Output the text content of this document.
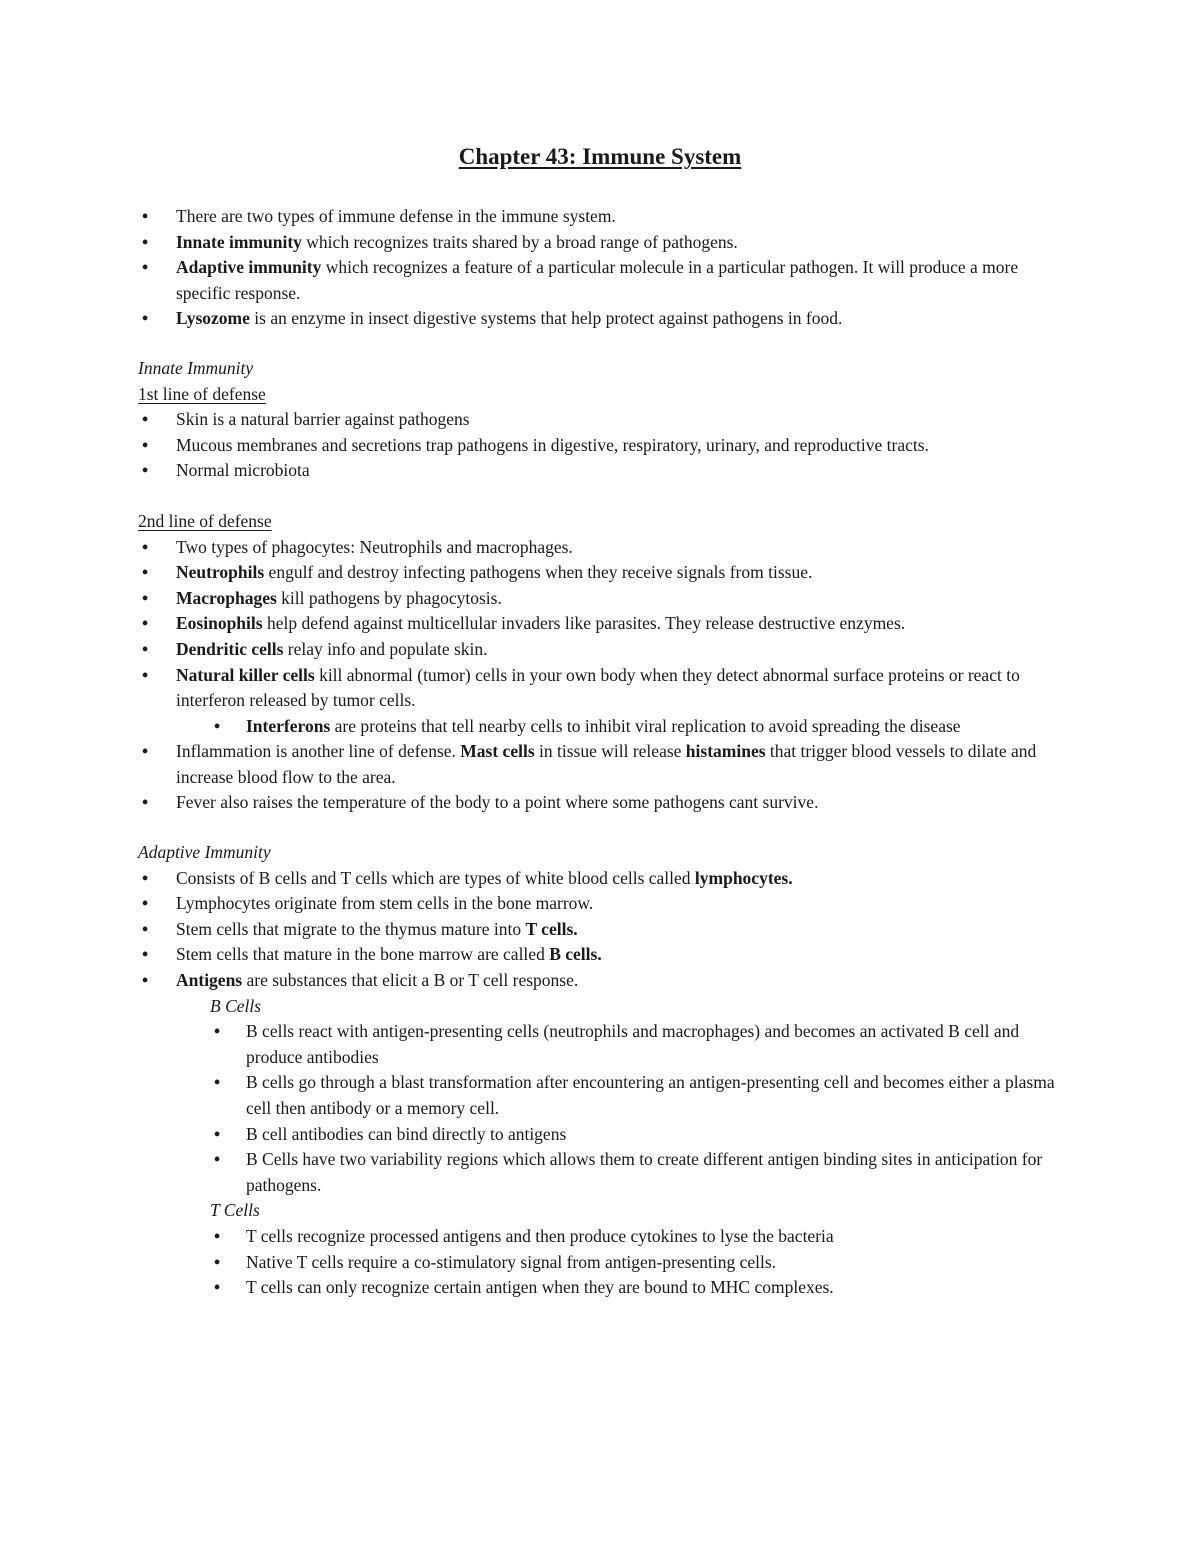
Chapter 43: Immune System
• There are two types of immune defense in the immune system.
• Innate immunity which recognizes traits shared by a broad range of pathogens.
• Adaptive immunity which recognizes a feature of a particular molecule in a particular pathogen. It will produce a more specific response.
• Lysozome is an enzyme in insect digestive systems that help protect against pathogens in food.
Innate Immunity
1st line of defense
• Skin is a natural barrier against pathogens
• Mucous membranes and secretions trap pathogens in digestive, respiratory, urinary, and reproductive tracts.
• Normal microbiota
2nd line of defense
• Two types of phagocytes: Neutrophils and macrophages.
• Neutrophils engulf and destroy infecting pathogens when they receive signals from tissue.
• Macrophages kill pathogens by phagocytosis.
• Eosinophils help defend against multicellular invaders like parasites. They release destructive enzymes.
• Dendritic cells relay info and populate skin.
• Natural killer cells kill abnormal (tumor) cells in your own body when they detect abnormal surface proteins or react to interferon released by tumor cells.
• Interferons are proteins that tell nearby cells to inhibit viral replication to avoid spreading the disease
• Inflammation is another line of defense. Mast cells in tissue will release histamines that trigger blood vessels to dilate and increase blood flow to the area.
• Fever also raises the temperature of the body to a point where some pathogens cant survive.
Adaptive Immunity
• Consists of B cells and T cells which are types of white blood cells called lymphocytes.
• Lymphocytes originate from stem cells in the bone marrow.
• Stem cells that migrate to the thymus mature into T cells.
• Stem cells that mature in the bone marrow are called B cells.
• Antigens are substances that elicit a B or T cell response.
B Cells
• B cells react with antigen-presenting cells (neutrophils and macrophages) and becomes an activated B cell and produce antibodies
• B cells go through a blast transformation after encountering an antigen-presenting cell and becomes either a plasma cell then antibody or a memory cell.
• B cell antibodies can bind directly to antigens
• B Cells have two variability regions which allows them to create different antigen binding sites in anticipation for pathogens.
T Cells
• T cells recognize processed antigens and then produce cytokines to lyse the bacteria
• Native T cells require a co-stimulatory signal from antigen-presenting cells.
• T cells can only recognize certain antigen when they are bound to MHC complexes.
